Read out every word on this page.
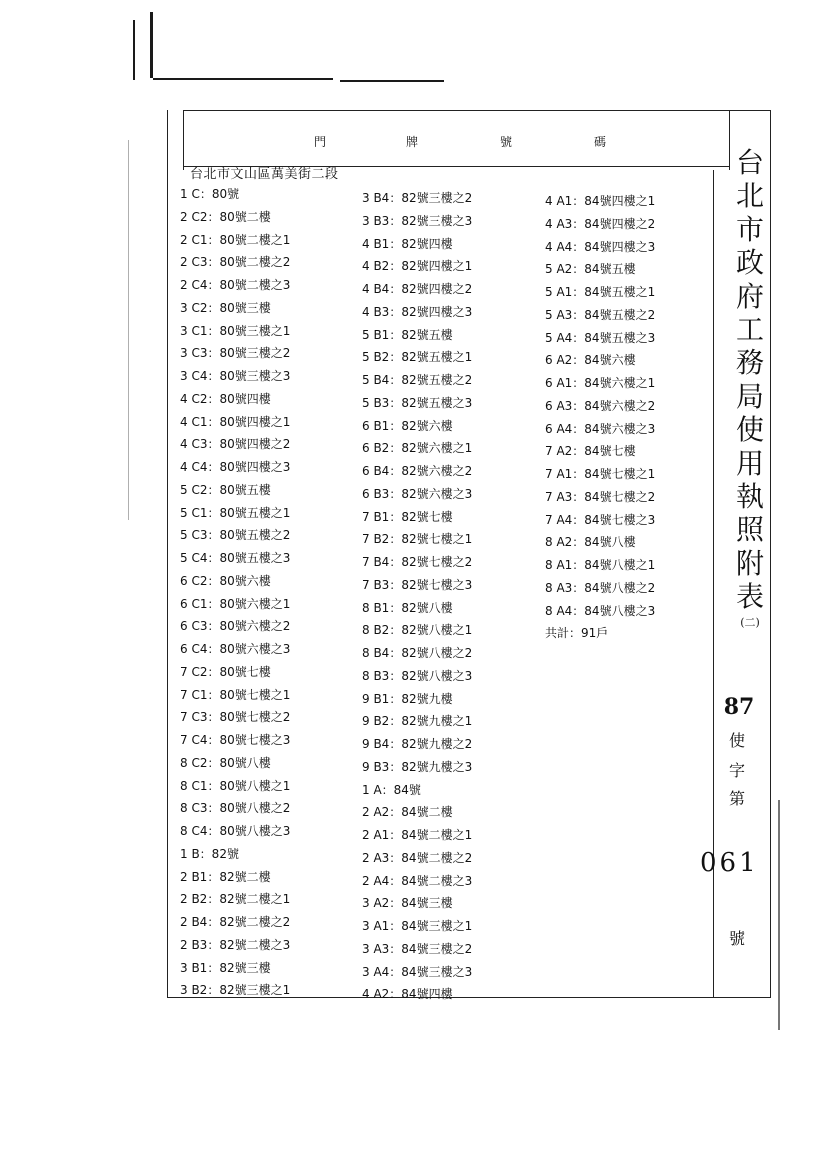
門	牌	號	碼
台北市文山區萬美街二段
1 C：80號
2 C2：80號二樓
2 C1：80號二樓之1
2 C3：80號二樓之2
2 C4：80號二樓之3
3 C2：80號三樓
3 C1：80號三樓之1
3 C3：80號三樓之2
3 C4：80號三樓之3
4 C2：80號四樓
4 C1：80號四樓之1
4 C3：80號四樓之2
4 C4：80號四樓之3
5 C2：80號五樓
5 C1：80號五樓之1
5 C3：80號五樓之2
5 C4：80號五樓之3
6 C2：80號六樓
6 C1：80號六樓之1
6 C3：80號六樓之2
6 C4：80號六樓之3
7 C2：80號七樓
7 C1：80號七樓之1
7 C3：80號七樓之2
7 C4：80號七樓之3
8 C2：80號八樓
8 C1：80號八樓之1
8 C3：80號八樓之2
8 C4：80號八樓之3
1 B：82號
2 B1：82號二樓
2 B2：82號二樓之1
2 B4：82號二樓之2
2 B3：82號二樓之3
3 B1：82號三樓
3 B2：82號三樓之1
3 B4：82號三樓之2
3 B3：82號三樓之3
4 B1：82號四樓
4 B2：82號四樓之1
4 B4：82號四樓之2
4 B3：82號四樓之3
5 B1：82號五樓
5 B2：82號五樓之1
5 B4：82號五樓之2
5 B3：82號五樓之3
6 B1：82號六樓
6 B2：82號六樓之1
6 B4：82號六樓之2
6 B3：82號六樓之3
7 B1：82號七樓
7 B2：82號七樓之1
7 B4：82號七樓之2
7 B3：82號七樓之3
8 B1：82號八樓
8 B2：82號八樓之1
8 B4：82號八樓之2
8 B3：82號八樓之3
9 B1：82號九樓
9 B2：82號九樓之1
9 B4：82號九樓之2
9 B3：82號九樓之3
1 A：84號
2 A2：84號二樓
2 A1：84號二樓之1
2 A3：84號二樓之2
2 A4：84號二樓之3
3 A2：84號三樓
3 A1：84號三樓之1
3 A3：84號三樓之2
3 A4：84號三樓之3
4 A2：84號四樓
4 A1：84號四樓之1
4 A3：84號四樓之2
4 A4：84號四樓之3
5 A2：84號五樓
5 A1：84號五樓之1
5 A3：84號五樓之2
5 A4：84號五樓之3
6 A2：84號六樓
6 A1：84號六樓之1
6 A3：84號六樓之2
6 A4：84號六樓之3
7 A2：84號七樓
7 A1：84號七樓之1
7 A3：84號七樓之2
7 A4：84號七樓之3
8 A2：84號八樓
8 A1：84號八樓之1
8 A3：84號八樓之2
8 A4：84號八樓之3
共計：91戶
台
北
市
政
府
工
務
局
使
用
執
照
附
表
(二)
87
使
字
第
061
號
